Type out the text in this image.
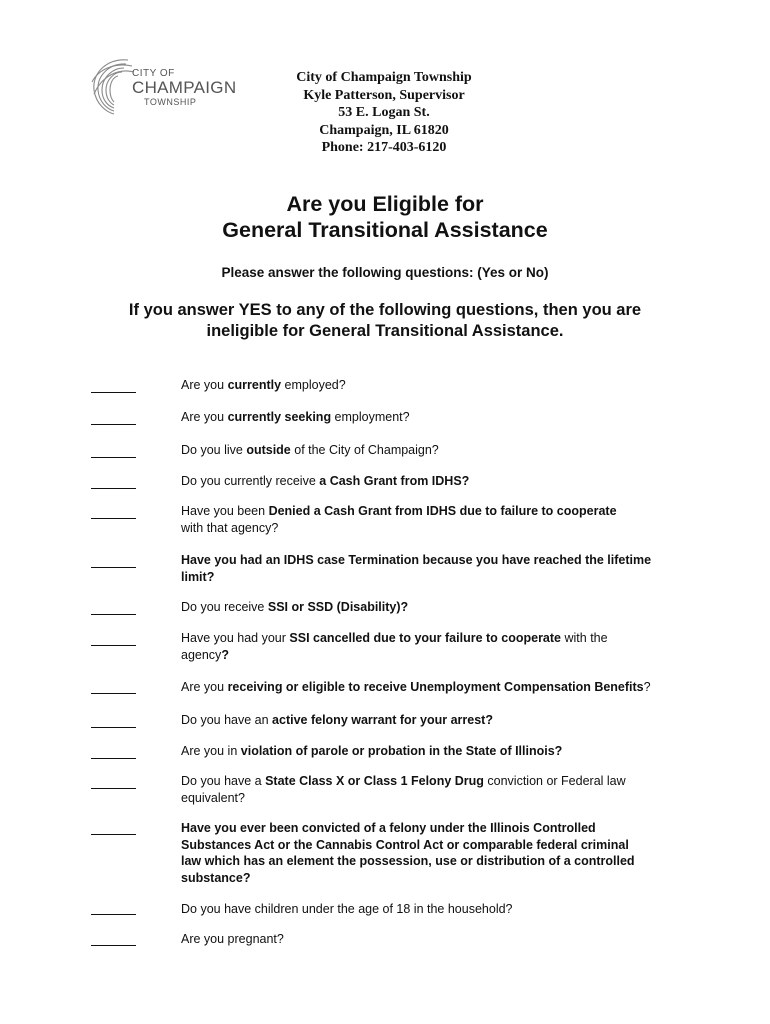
CITY OF
CHAMPAIGN
TOWNSHIP
City of Champaign Township
Kyle Patterson, Supervisor
53 E. Logan St.
Champaign, IL 61820
Phone: 217-403-6120
Are you Eligible for
General Transitional Assistance
Please answer the following questions: (Yes or No)
If you answer YES to any of the following questions, then you are
ineligible for General Transitional Assistance.
Are you currently employed?
Are you currently seeking employment?
Do you live outside of the City of Champaign?
Do you currently receive a Cash Grant from IDHS?
Have you been Denied a Cash Grant from IDHS due to failure to cooperate
with that agency?
Have you had an IDHS case Termination because you have reached the lifetime
limit?
Do you receive SSI or SSD (Disability)?
Have you had your SSI cancelled due to your failure to cooperate with the
agency?
Are you receiving or eligible to receive Unemployment Compensation Benefits?
Do you have an active felony warrant for your arrest?
Are you in violation of parole or probation in the State of Illinois?
Do you have a State Class X or Class 1 Felony Drug conviction or Federal law
equivalent?
Have you ever been convicted of a felony under the Illinois Controlled
Substances Act or the Cannabis Control Act or comparable federal criminal
law which has an element the possession, use or distribution of a controlled
substance?
Do you have children under the age of 18 in the household?
Are you pregnant?
